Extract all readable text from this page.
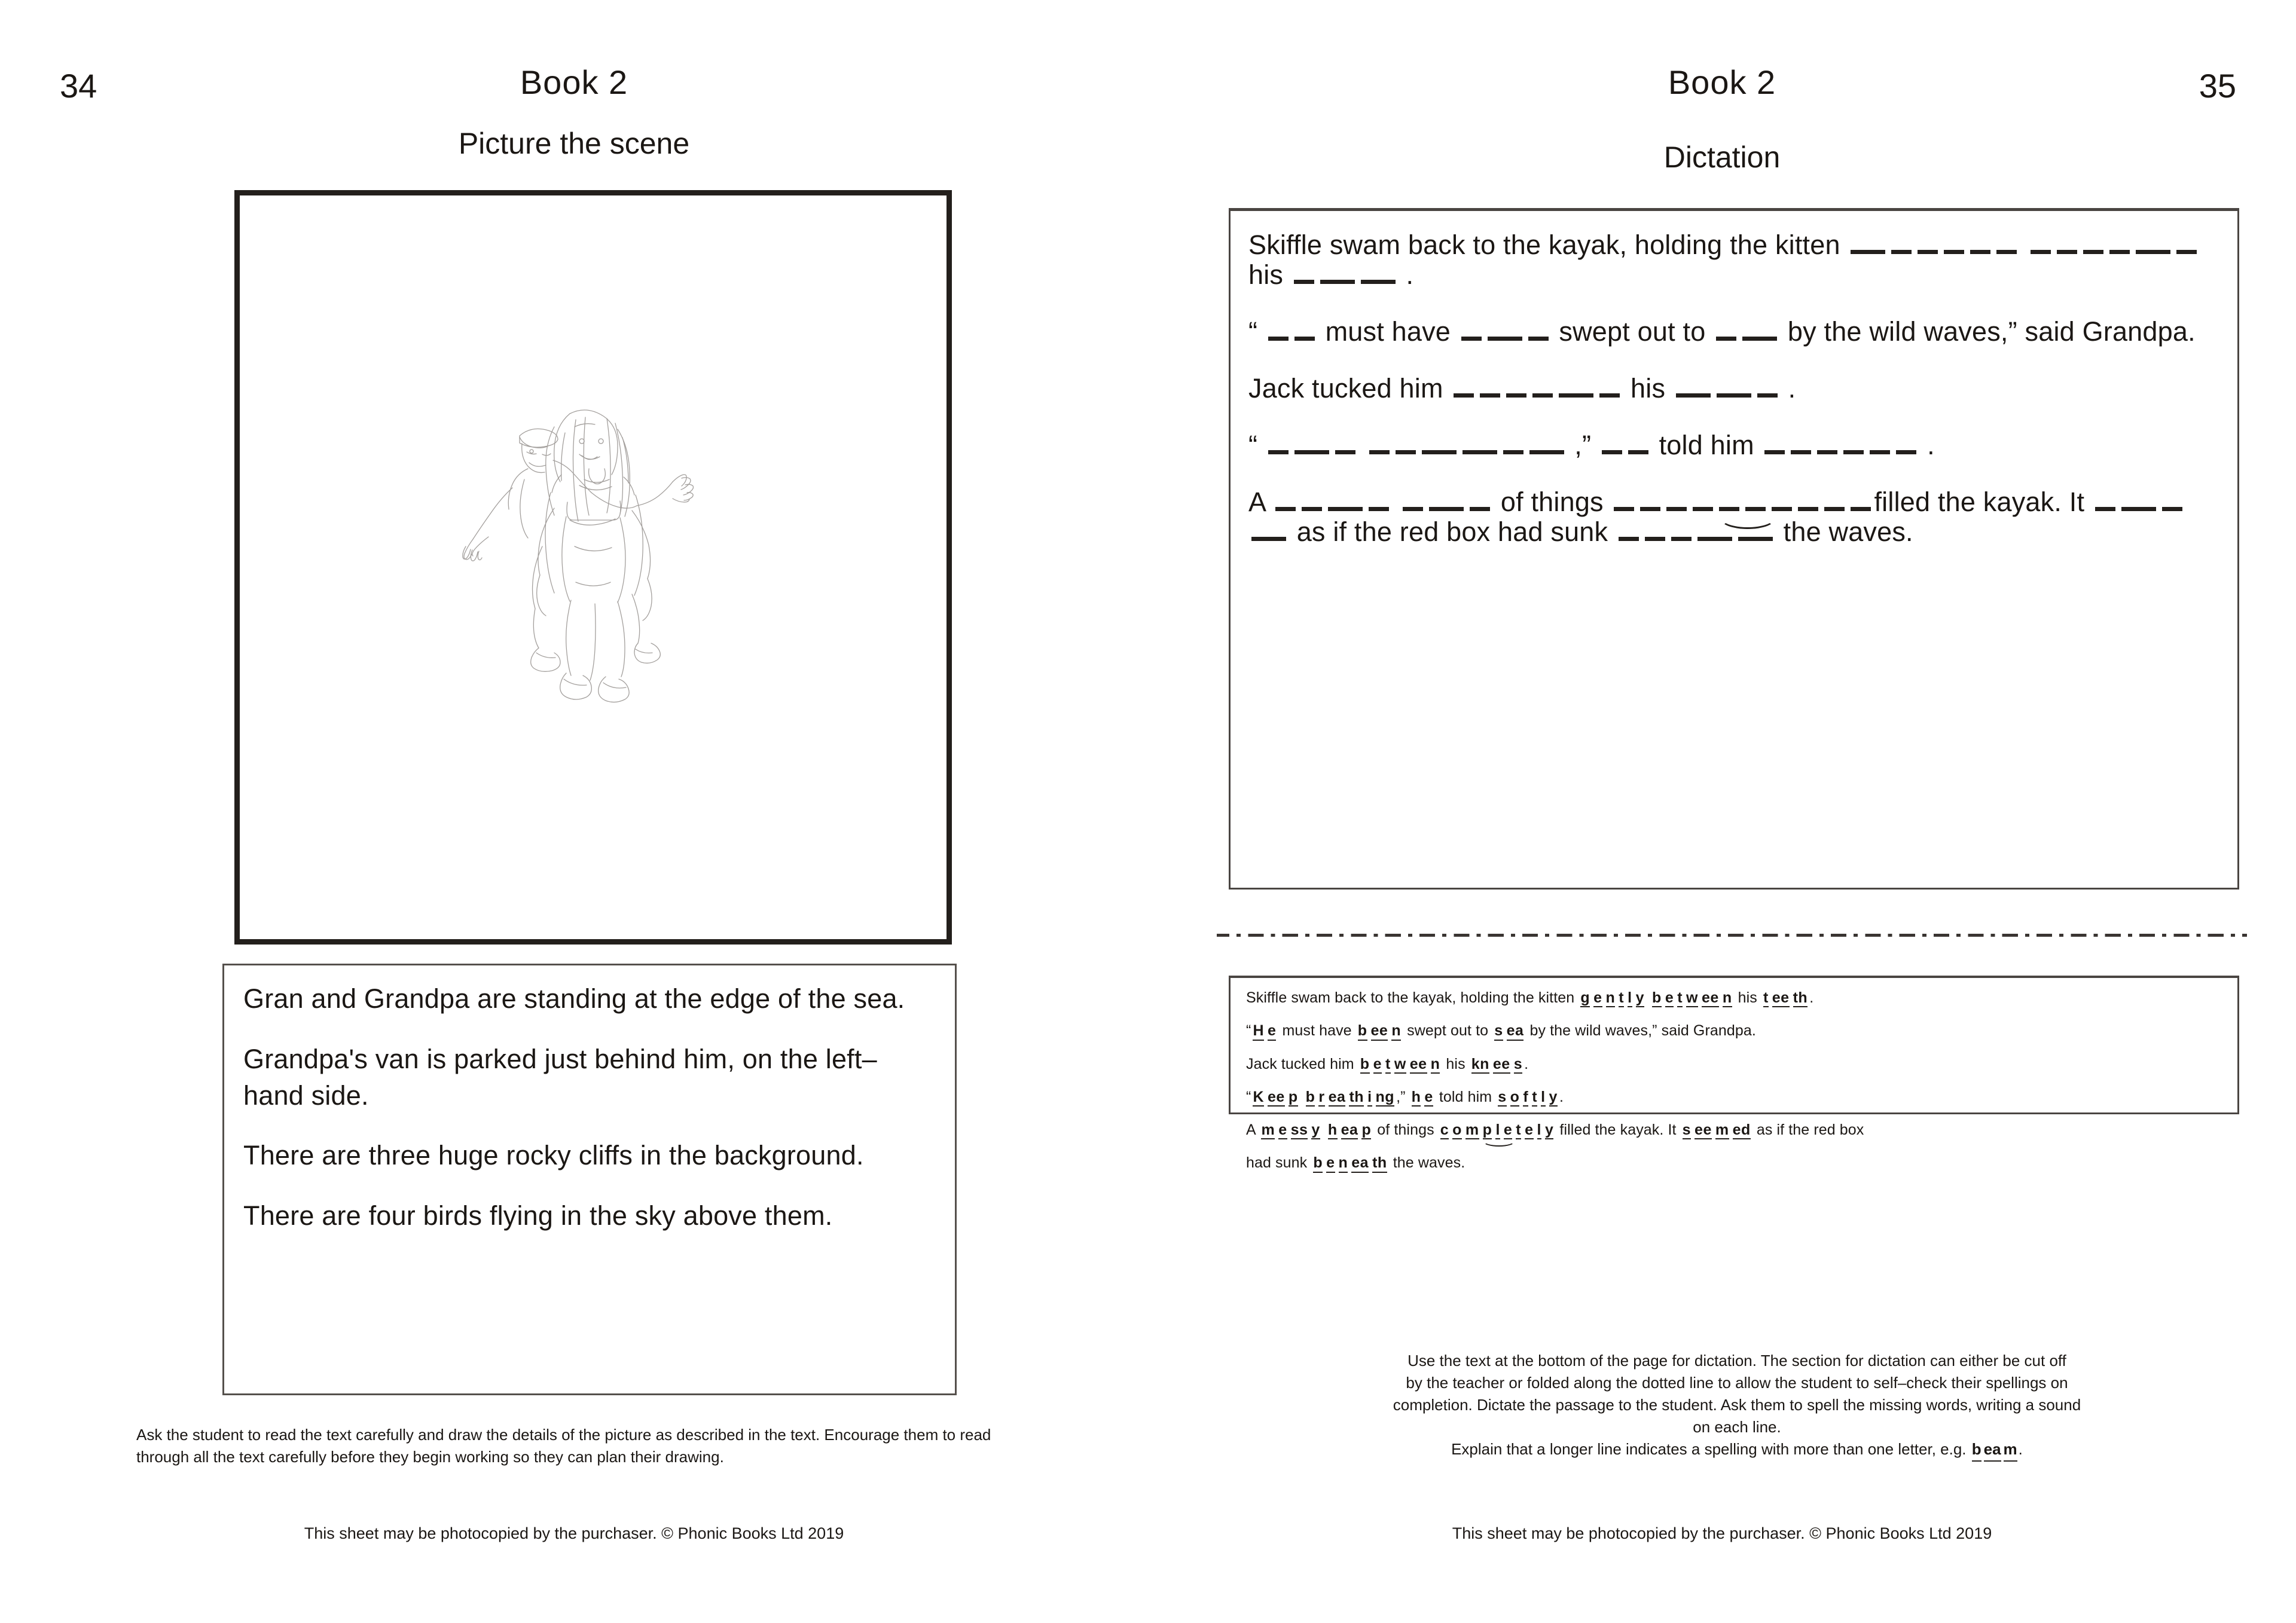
34	Book 2
Picture the scene

Gran and Grandpa are standing at the edge of the sea.

Grandpa's van is parked just behind him, on the left–hand side.

There are three huge rocky cliffs in the background.

There are four birds flying in the sky above them.

Ask the student to read the text carefully and draw the details of the picture as described in the text. Encourage them to read through all the text carefully before they begin working so they can plan their drawing.
This sheet may be photocopied by the purchaser. © Phonic Books Ltd 2019
Book 2	35
Dictation
This sheet may be photocopied by the purchaser. © Phonic Books Ltd 2019
Skiffle swam back to the kayak, holding the kitten   his	.
“  must have	swept out to	by the wild waves,” said Grandpa.
Jack tucked him	his	.
“	,”  told him	.
A	of things	filled the kayak. It  as if the red box had sunk	the waves.
Skiffle swam back to the kayak, holding the kitten g e n t l y b e t w ee n his t ee th .
“ H e must have b ee n swept out to s ea by the wild waves,” said Grandpa.
Jack tucked him b e t w ee n his kn ee s .
“ K ee p b r ea th i ng ,” h e told him s o f t l y .
A m e ss y h ea p of things c o m p l e t e l y
filled the kayak. It s ee m ed as if the red box
had sunk b e n ea th the waves.
Use the text at the bottom of the page for dictation. The section for dictation can either be cut off
by the teacher or folded along the dotted line to allow the student to self–check their spellings on
completion. Dictate the passage to the student. Ask them to spell the missing words, writing a sound
on each line.
Explain that a longer line indicates a spelling with more than one letter, e.g. b ea m.
